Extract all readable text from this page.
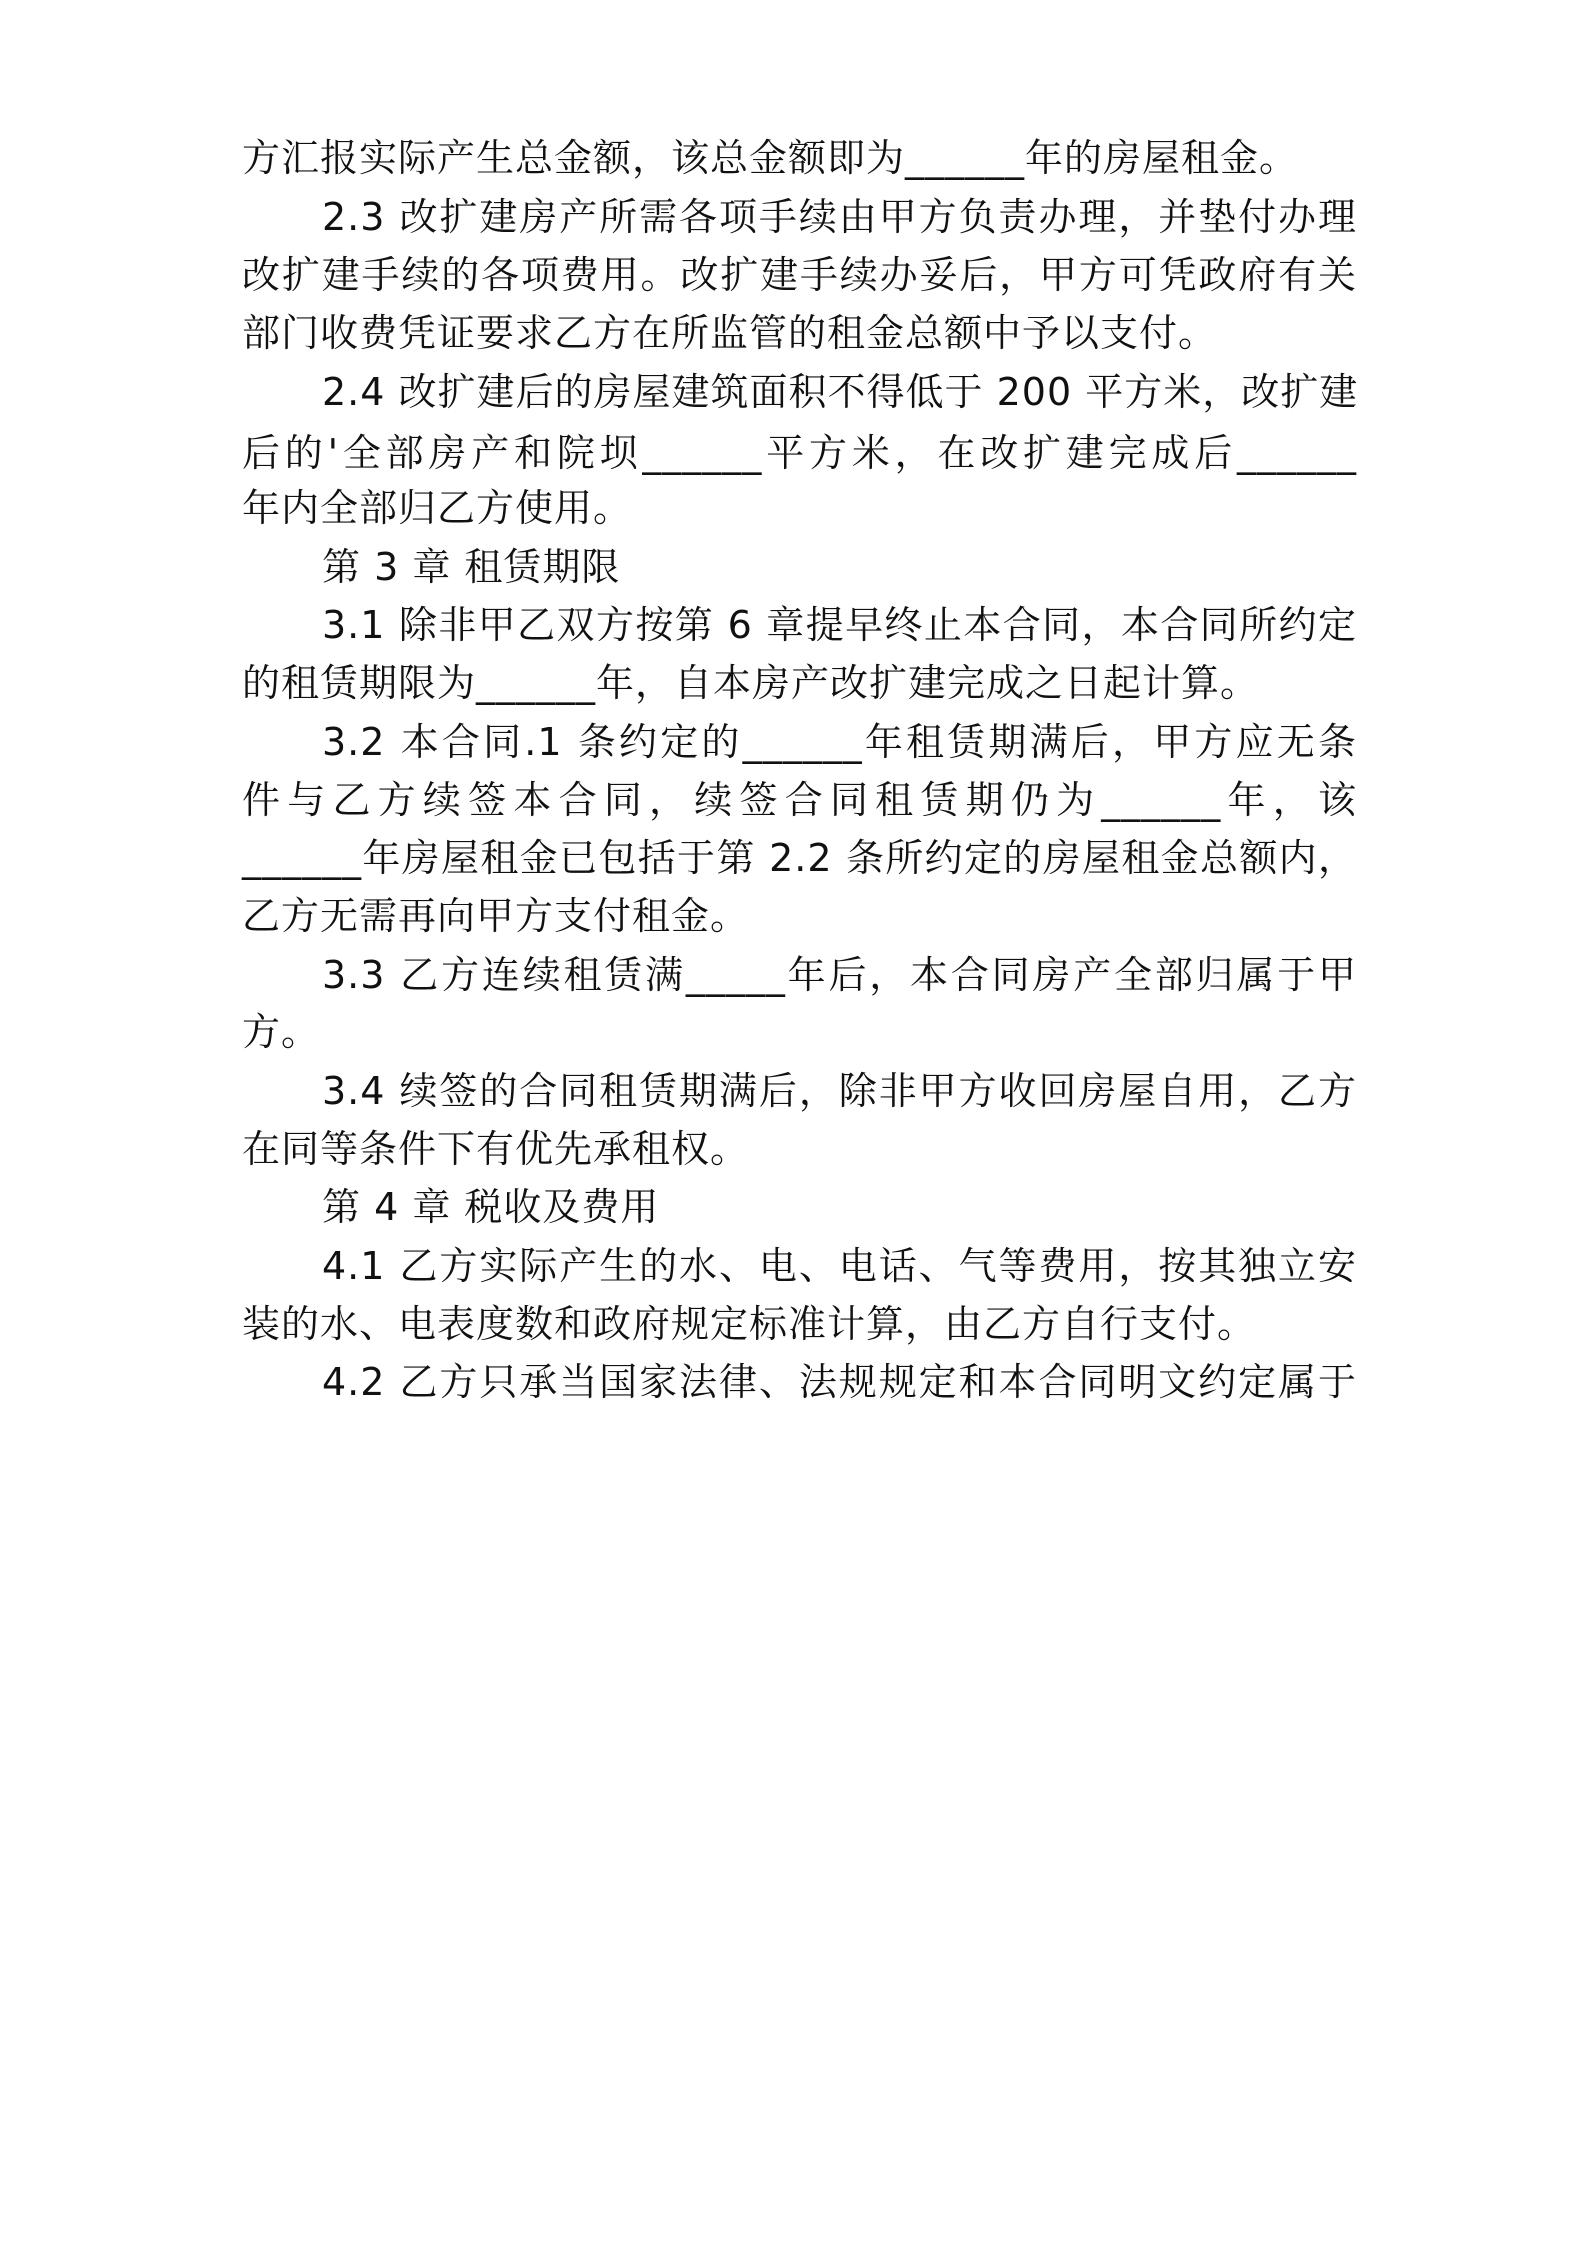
方汇报实际产生总金额，该总金额即为______年的房屋租金。
2.3 改扩建房产所需各项手续由甲方负责办理，并垫付办理
改扩建手续的各项费用。改扩建手续办妥后，甲方可凭政府有关
部门收费凭证要求乙方在所监管的租金总额中予以支付。
2.4 改扩建后的房屋建筑面积不得低于 200 平方米，改扩建
后的'全部房产和院坝______平方米，在改扩建完成后______
年内全部归乙方使用。
第 3 章 租赁期限
3.1 除非甲乙双方按第 6 章提早终止本合同，本合同所约定
的租赁期限为______年，自本房产改扩建完成之日起计算。
3.2 本合同.1 条约定的______年租赁期满后，甲方应无条
件与乙方续签本合同，续签合同租赁期仍为______年，该
______年房屋租金已包括于第 2.2 条所约定的房屋租金总额内，
乙方无需再向甲方支付租金。
3.3 乙方连续租赁满_____年后，本合同房产全部归属于甲
方。
3.4 续签的合同租赁期满后，除非甲方收回房屋自用，乙方
在同等条件下有优先承租权。
第 4 章 税收及费用
4.1 乙方实际产生的水、电、电话、气等费用，按其独立安
装的水、电表度数和政府规定标准计算，由乙方自行支付。
4.2 乙方只承当国家法律、法规规定和本合同明文约定属于
